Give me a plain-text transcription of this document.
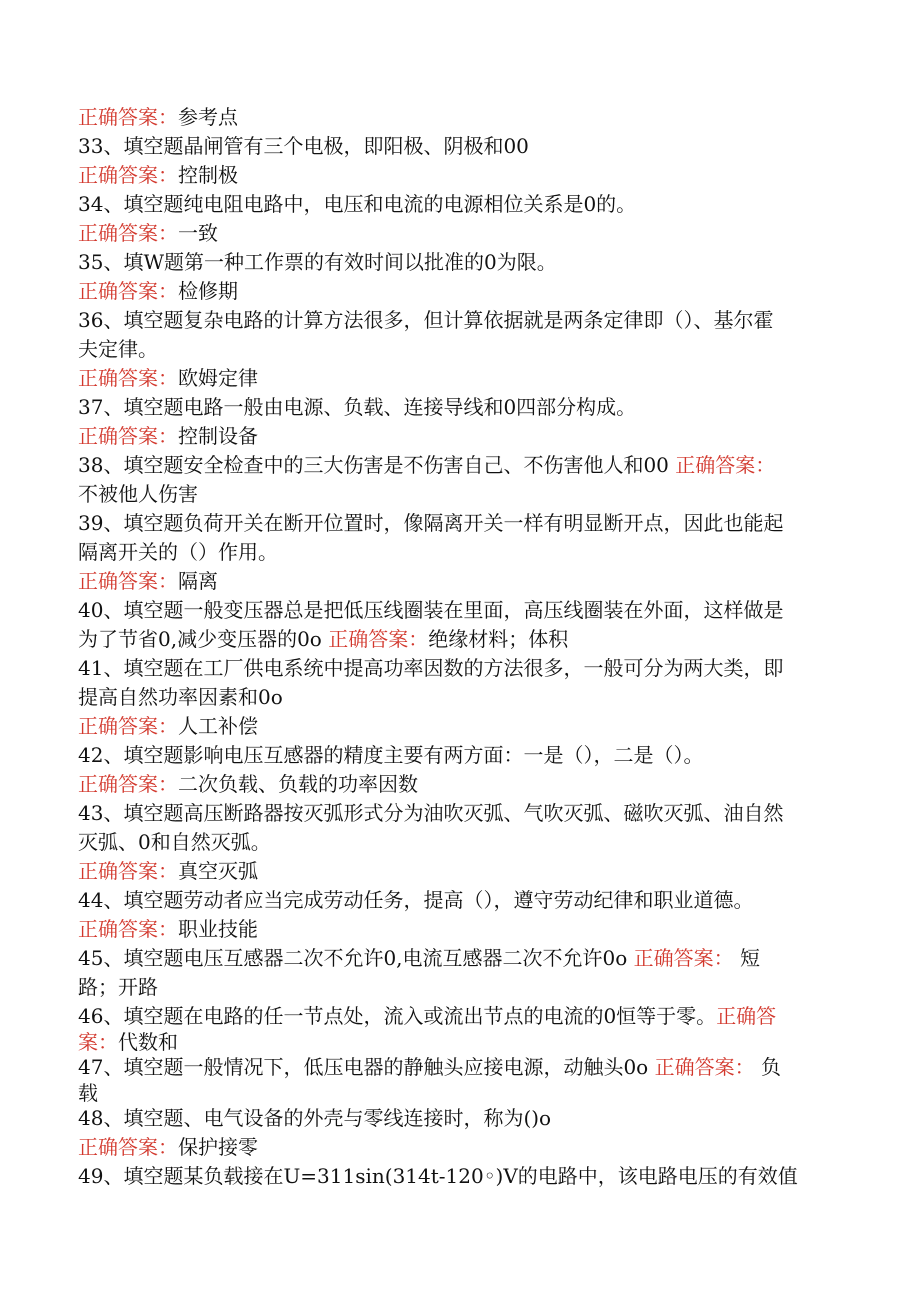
正确答案：参考点
33、填空题晶闸管有三个电极，即阳极、阴极和00
正确答案：控制极
34、填空题纯电阻电路中，电压和电流的电源相位关系是0的。
正确答案：一致
35、填W题第一种工作票的有效时间以批准的0为限。
正确答案：检修期
36、填空题复杂电路的计算方法很多，但计算依据就是两条定律即（）、基尔霍
夫定律。
正确答案：欧姆定律
37、填空题电路一般由电源、负载、连接导线和0四部分构成。
正确答案：控制设备
38、填空题安全检查中的三大伤害是不伤害自己、不伤害他人和00 正确答案：
不被他人伤害
39、填空题负荷开关在断开位置时，像隔离开关一样有明显断开点，因此也能起
隔离开关的（）作用。
正确答案：隔离
40、填空题一般变压器总是把低压线圈装在里面，高压线圈装在外面，这样做是
为了节省0,减少变压器的0o 正确答案：绝缘材料；体积
41、填空题在工厂供电系统中提高功率因数的方法很多，一般可分为两大类，即
提高自然功率因素和0o
正确答案：人工补偿
42、填空题影响电压互感器的精度主要有两方面：一是（），二是（）。
正确答案：二次负载、负载的功率因数
43、填空题高压断路器按灭弧形式分为油吹灭弧、气吹灭弧、磁吹灭弧、油自然
灭弧、0和自然灭弧。
正确答案：真空灭弧
44、填空题劳动者应当完成劳动任务，提高（），遵守劳动纪律和职业道德。
正确答案：职业技能
45、填空题电压互感器二次不允许0,电流互感器二次不允许0o 正确答案： 短
路；开路
46、填空题在电路的任一节点处，流入或流出节点的电流的0恒等于零。正确答
案：代数和
47、填空题一般情况下，低压电器的静触头应接电源，动触头0o 正确答案： 负
载
48、填空题、电气设备的外壳与零线连接时，称为()o
正确答案：保护接零
49、填空题某负载接在U=311sin(314t-120◦)V的电路中，该电路电压的有效值
